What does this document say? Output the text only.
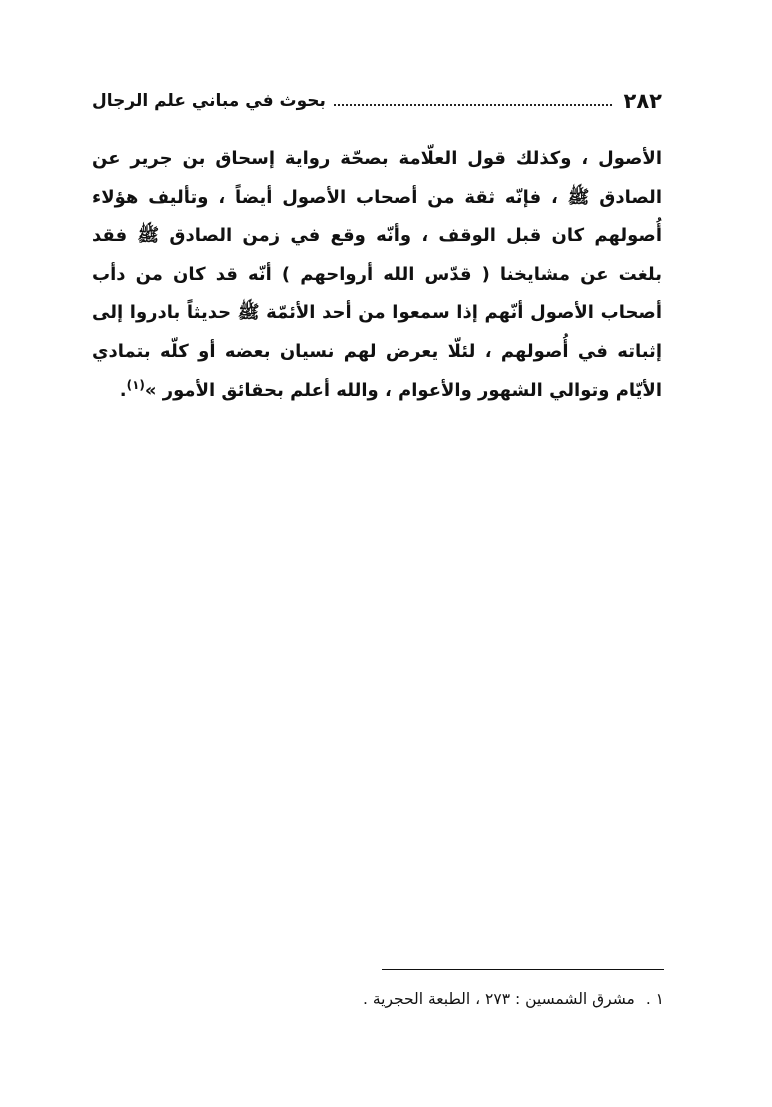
٢٨٢
بحوث في مباني علم الرجال
الأصول ، وكذلك قول العلّامة بصحّة رواية إسحاق بن جرير عن الصادق ﷺ ، فإنّه ثقة من أصحاب الأصول أيضاً ، وتأليف هؤلاء أُصولهم كان قبل الوقف ، وأنّه وقع في زمن الصادق ﷺ فقد بلغت عن مشايخنا ( قدّس الله أرواحهم ) أنّه قد كان من دأب أصحاب الأصول أنّهم إذا سمعوا من أحد الأئمّة ﷺ حديثاً بادروا إلى إثباته في أُصولهم ، لئلّا يعرض لهم نسيان بعضه أو كلّه بتمادي الأيّام وتوالي الشهور والأعوام ، والله أعلم بحقائق الأمور »$^{(١)}$.
١ . مشرق الشمسين : ٢٧٣ ، الطبعة الحجرية .
